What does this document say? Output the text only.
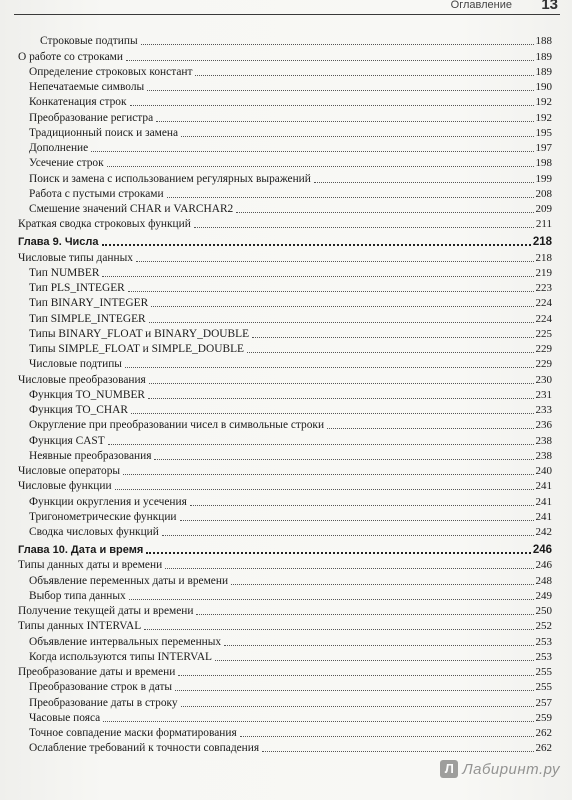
Оглавление 13
Строковые подтипы	188
О работе со строками	189
Определение строковых констант	189
Непечатаемые символы	190
Конкатенация строк	192
Преобразование регистра	192
Традиционный поиск и замена	195
Дополнение	197
Усечение строк	198
Поиск и замена с использованием регулярных выражений	199
Работа с пустыми строками	208
Смешение значений CHAR и VARCHAR2	209
Краткая сводка строковых функций	211
Глава 9. Числа	218
Числовые типы данных	218
Тип NUMBER	219
Тип PLS_INTEGER	223
Тип BINARY_INTEGER	224
Тип SIMPLE_INTEGER	224
Типы BINARY_FLOAT и BINARY_DOUBLE	225
Типы SIMPLE_FLOAT и SIMPLE_DOUBLE	229
Числовые подтипы	229
Числовые преобразования	230
Функция TO_NUMBER	231
Функция TO_CHAR	233
Округление при преобразовании чисел в символьные строки	236
Функция CAST	238
Неявные преобразования	238
Числовые операторы	240
Числовые функции	241
Функции округления и усечения	241
Тригонометрические функции	241
Сводка числовых функций	242
Глава 10. Дата и время	246
Типы данных даты и времени	246
Объявление переменных даты и времени	248
Выбор типа данных	249
Получение текущей даты и времени	250
Типы данных INTERVAL	252
Объявление интервальных переменных	253
Когда используются типы INTERVAL	253
Преобразование даты и времени	255
Преобразование строк в даты	255
Преобразование даты в строку	257
Часовые пояса	259
Точное совпадение маски форматирования	262
Ослабление требований к точности совпадения	262
Л Лабиринт.ру
